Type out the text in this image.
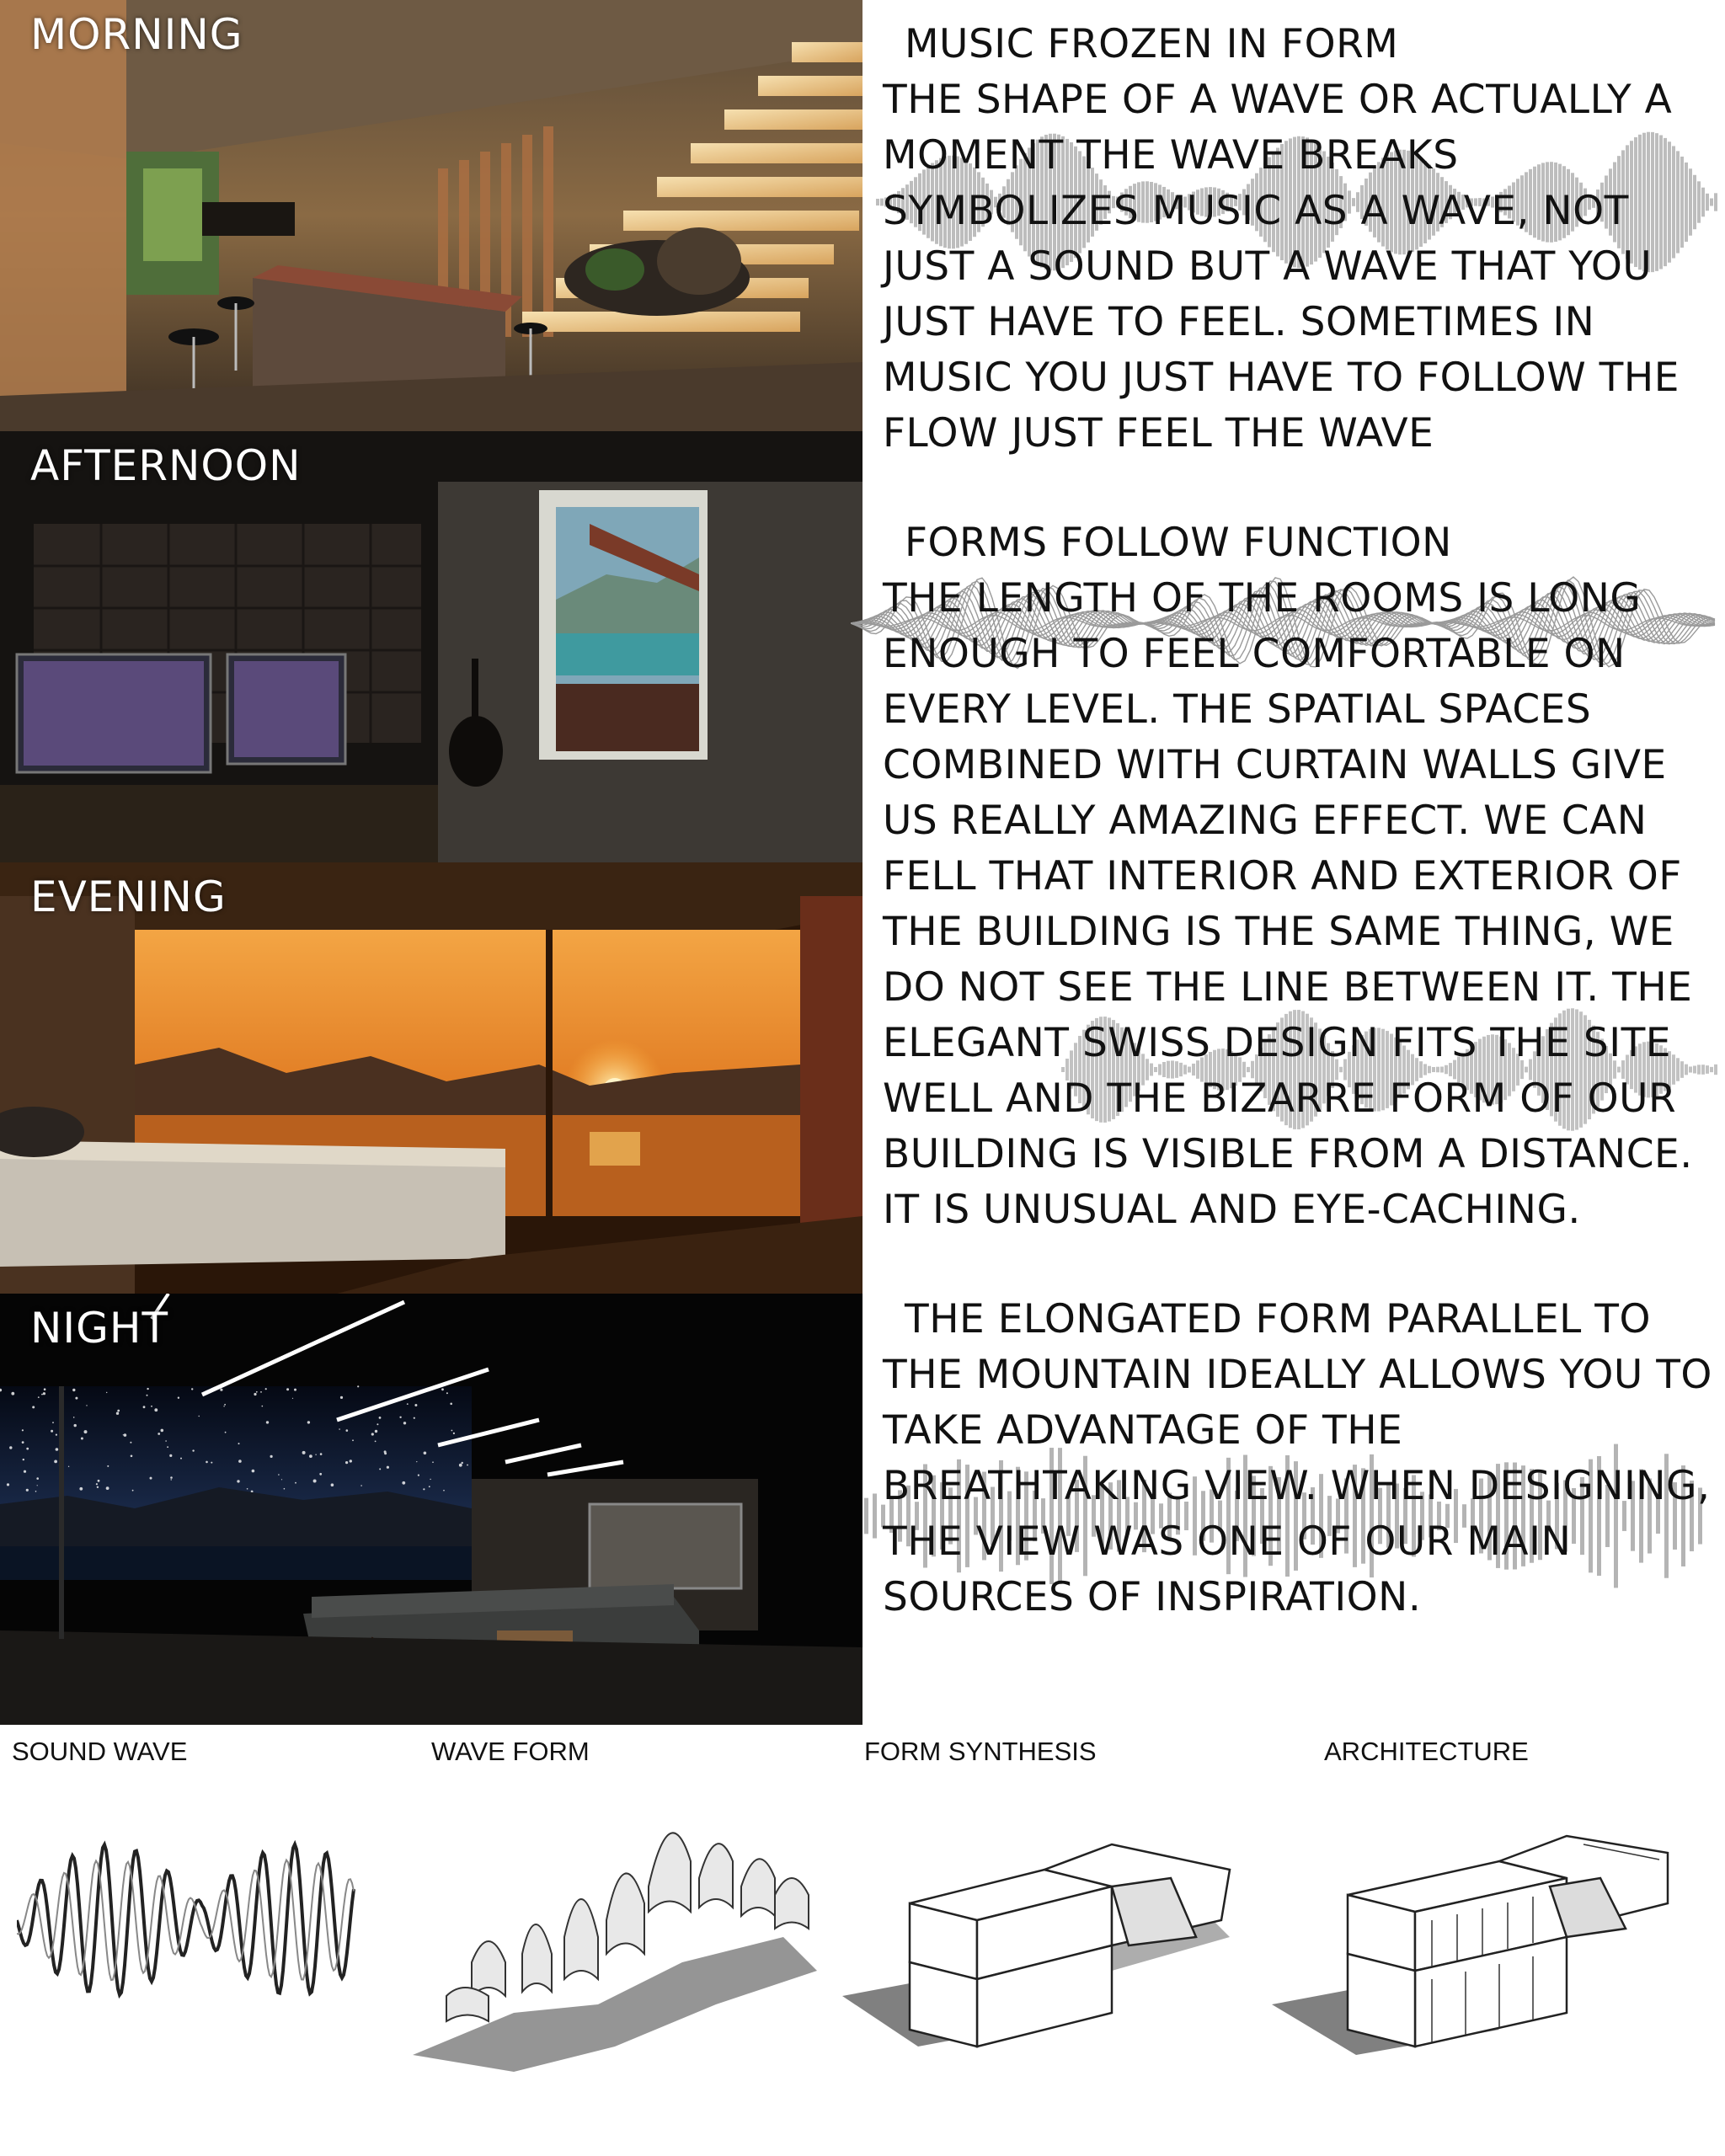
MORNING
AFTERNOON
EVENING
NIGHT
MUSIC FROZEN IN FORM
THE SHAPE OF A WAVE OR ACTUALLY A MOMENT THE WAVE BREAKS SYMBOLIZES MUSIC AS A WAVE, NOT JUST A SOUND BUT A WAVE THAT YOU JUST HAVE TO FEEL. SOMETIMES IN MUSIC YOU JUST HAVE TO FOLLOW THE FLOW JUST FEEL THE WAVE
FORMS FOLLOW FUNCTION
THE LENGTH OF THE ROOMS IS LONG ENOUGH TO FEEL COMFORTABLE ON EVERY LEVEL. THE SPATIAL SPACES COMBINED WITH CURTAIN WALLS GIVE US REALLY AMAZING EFFECT. WE CAN FELL THAT INTERIOR AND EXTERIOR OF THE BUILDING IS THE SAME THING, WE DO NOT SEE THE LINE BETWEEN IT. THE ELEGANT SWISS DESIGN FITS THE SITE WELL AND THE BIZARRE FORM OF OUR BUILDING IS VISIBLE FROM A DISTANCE. IT IS UNUSUAL AND EYE-CACHING.
THE ELONGATED FORM PARALLEL TO
THE MOUNTAIN IDEALLY ALLOWS YOU TO TAKE ADVANTAGE OF THE BREATHTAKING VIEW. WHEN DESIGNING, THE VIEW WAS ONE OF OUR MAIN SOURCES OF INSPIRATION.
SOUND WAVE	WAVE FORM	FORM SYNTHESIS	ARCHITECTURE
